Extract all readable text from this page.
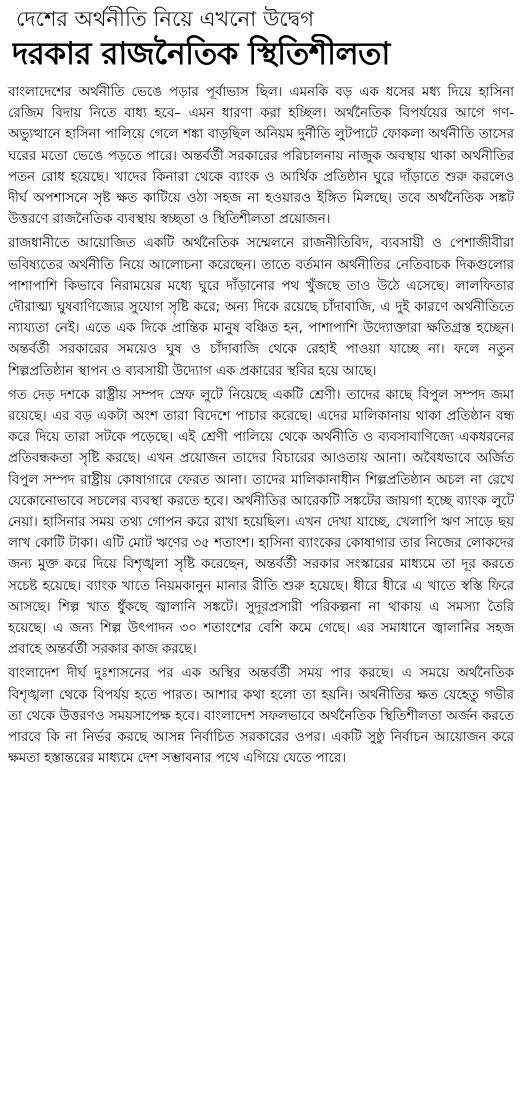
দেশের অর্থনীতি নিয়ে এখনো উদ্বেগ
দরকার রাজনৈতিক স্থিতিশীলতা

বাংলাদেশের অর্থনীতি ভেঙে পড়ার পূর্বাভাস ছিল। এমনকি বড় এক ধসের মধ্য দিয়ে হাসিনা রেজিম বিদায় নিতে বাধ্য হবে– এমন ধারণা করা হচ্ছিল। অর্থনৈতিক বিপর্যয়ের আগে গণ-অভ্যুত্থানে হাসিনা পালিয়ে গেলে শঙ্কা বাড়ছিল অনিয়ম দুর্নীতি লুটপাটে ফোকলা অর্থনীতি তাসের ঘরের মতো ভেঙে পড়তে পারে। অন্তর্বর্তী সরকারের পরিচালনায় নাজুক অবস্থায় থাকা অর্থনীতির পতন রোধ হয়েছে। খাদের কিনারা থেকে ব্যাংক ও আর্থিক প্রতিষ্ঠান ঘুরে দাঁড়াতে শুরু করলেও দীর্ঘ অপশাসনে সৃষ্ট ক্ষত কাটিয়ে ওঠা সহজ না হওয়ারও ইঙ্গিত মিলছে। তবে অর্থনৈতিক সঙ্কট উত্তরণে রাজনৈতিক ব্যবস্থায় স্বচ্ছতা ও স্থিতিশীলতা প্রয়োজন।

রাজধানীতে আয়োজিত একটি অর্থনৈতিক সম্মেলনে রাজনীতিবিদ, ব্যবসায়ী ও পেশাজীবীরা ভবিষ্যতের অর্থনীতি নিয়ে আলোচনা করেছেন। তাতে বর্তমান অর্থনীতির নেতিবাচক দিকগুলোর পাশাপাশি কিভাবে নিরাময়ের মধ্যে ঘুরে দাঁড়ানোর পথ খুঁজছে তাও উঠে এসেছে। লালফিতার দৌরাত্ম্য ঘুষবাণিজ্যের সুযোগ সৃষ্টি করে; অন্য দিকে রয়েছে চাঁদাবাজি, এ দুই কারণে অর্থনীতিতে ন্যায্যতা নেই। এতে এক দিকে প্রান্তিক মানুষ বঞ্চিত হন, পাশাপাশি উদ্যোক্তারা ক্ষতিগ্রস্ত হচ্ছেন। অন্তর্বর্তী সরকারের সময়েও ঘুষ ও চাঁদাবাজি থেকে রেহাই পাওয়া যাচ্ছে না। ফলে নতুন শিল্পপ্রতিষ্ঠান স্থাপন ও ব্যবসায়ী উদ্যোগ এক প্রকারের স্থবির হয়ে আছে।

গত দেড় দশকে রাষ্ট্রীয় সম্পদ স্রেফ লুটে নিয়েছে একটি শ্রেণী। তাদের কাছে বিপুল সম্পদ জমা রয়েছে। এর বড় একটা অংশ তারা বিদেশে পাচার করেছে। এদের মালিকানায় থাকা প্রতিষ্ঠান বন্ধ করে দিয়ে তারা সটকে পড়েছে। এই শ্রেণী পালিয়ে থেকে অর্থনীতি ও ব্যবসাবাণিজ্যে একধরনের প্রতিবন্ধকতা সৃষ্টি করছে। এখন প্রয়োজন তাদের বিচারের আওতায় আনা। অবৈধভাবে অর্জিত বিপুল সম্পদ রাষ্ট্রীয় কোষাগারে ফেরত আনা। তাদের মালিকানাধীন শিল্পপ্রতিষ্ঠান অচল না রেখে যেকোনোভাবে সচলের ব্যবস্থা করতে হবে। অর্থনীতির আরেকটি সঙ্কটের জায়গা হচ্ছে ব্যাংক লুটে নেয়া। হাসিনার সময় তথ্য গোপন করে রাখা হয়েছিল। এখন দেখা যাচ্ছে, খেলাপি ঋণ সাড়ে ছয় লাখ কোটি টাকা। এটি মোট ঋণের ৩৫ শতাংশ। হাসিনা ব্যাংকের কোষাগার তার নিজের লোকদের জন্য মুক্ত করে দিয়ে বিশৃঙ্খলা সৃষ্টি করেছেন, অন্তর্বর্তী সরকার সংস্কারের মাধ্যমে তা দূর করতে সচেষ্ট হয়েছে। ব্যাংক খাতে নিয়মকানুন মানার রীতি শুরু হয়েছে। ধীরে ধীরে এ খাতে স্বস্তি ফিরে আসছে। শিল্প খাত ধুঁকছে জ্বালানি সঙ্কটে। সুদূরপ্রসারী পরিকল্পনা না থাকায় এ সমস্যা তৈরি হয়েছে। এ জন্য শিল্প উৎপাদন ৩০ শতাংশের বেশি কমে গেছে। এর সমাধানে জ্বালানির সহজ প্রবাহে অন্তর্বর্তী সরকার কাজ করছে।

বাংলাদেশ দীর্ঘ দুঃশাসনের পর এক অস্থির অন্তর্বর্তী সময় পার করছে। এ সময়ে অর্থনৈতিক বিশৃঙ্খলা থেকে বিপর্যয় হতে পারত। আশার কথা হলো তা হয়নি। অর্থনীতির ক্ষত যেহেতু গভীর তা থেকে উত্তরণও সময়সাপেক্ষ হবে। বাংলাদেশ সফলভাবে অর্থনৈতিক স্থিতিশীলতা অর্জন করতে পারবে কি না নির্ভর করছে আসন্ন নির্বাচিত সরকারের ওপর। একটি সুষ্ঠু নির্বাচন আয়োজন করে ক্ষমতা হস্তান্তরের মাধ্যমে দেশ সম্ভাবনার পথে এগিয়ে যেতে পারে।
